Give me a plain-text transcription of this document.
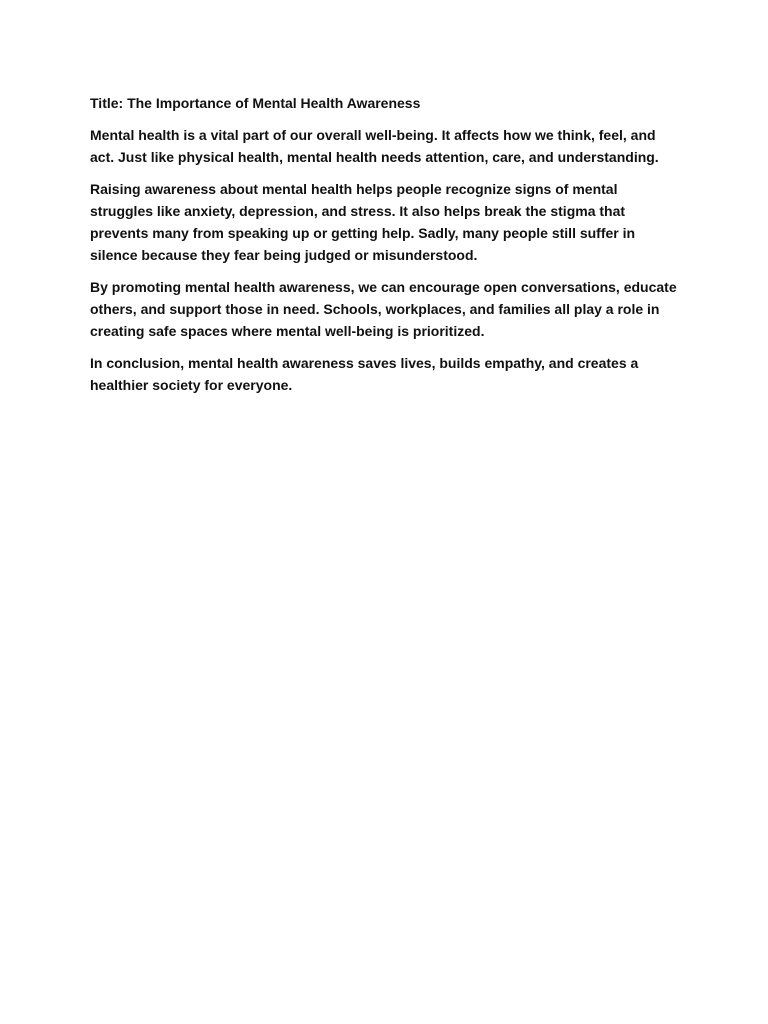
Title: The Importance of Mental Health Awareness

Mental health is a vital part of our overall well-being. It affects how we think, feel, and act. Just like physical health, mental health needs attention, care, and understanding.

Raising awareness about mental health helps people recognize signs of mental struggles like anxiety, depression, and stress. It also helps break the stigma that prevents many from speaking up or getting help. Sadly, many people still suffer in silence because they fear being judged or misunderstood.

By promoting mental health awareness, we can encourage open conversations, educate others, and support those in need. Schools, workplaces, and families all play a role in creating safe spaces where mental well-being is prioritized.

In conclusion, mental health awareness saves lives, builds empathy, and creates a healthier society for everyone.
